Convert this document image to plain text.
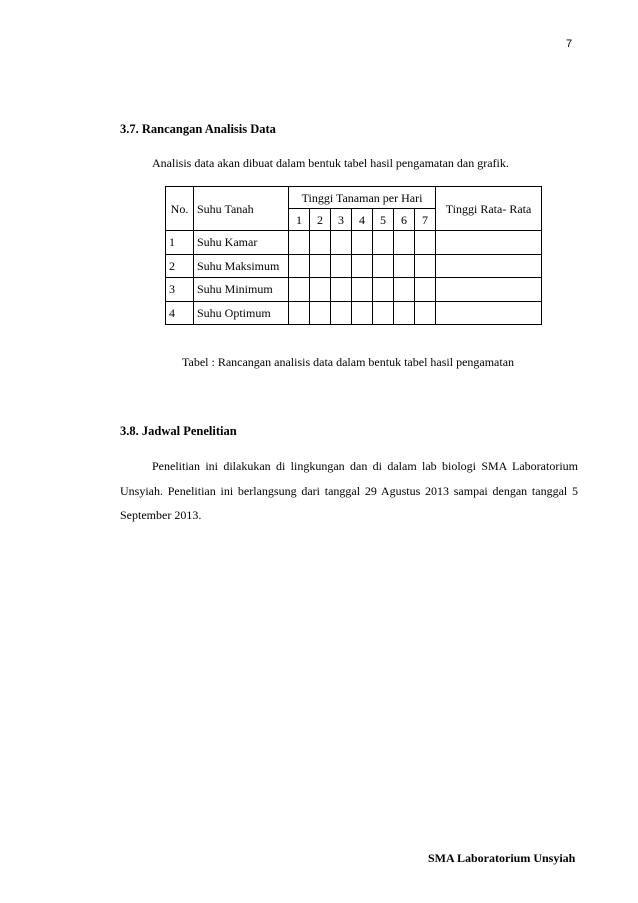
7
3.7. Rancangan Analisis Data
Analisis data akan dibuat dalam bentuk tabel hasil pengamatan dan grafik.
No.	Suhu Tanah	Tinggi Tanaman per Hari							Tinggi Rata- Rata
		1	2	3	4	5	6	7	
1	Suhu Kamar								
2	Suhu Maksimum								
3	Suhu Minimum								
4	Suhu Optimum								
Tabel : Rancangan analisis data dalam bentuk tabel hasil pengamatan
3.8. Jadwal Penelitian

Penelitian ini dilakukan di lingkungan dan di dalam lab biologi SMA Laboratorium Unsyiah. Penelitian ini berlangsung dari tanggal 29 Agustus 2013 sampai dengan tanggal 5 September 2013.

SMA Laboratorium Unsyiah
